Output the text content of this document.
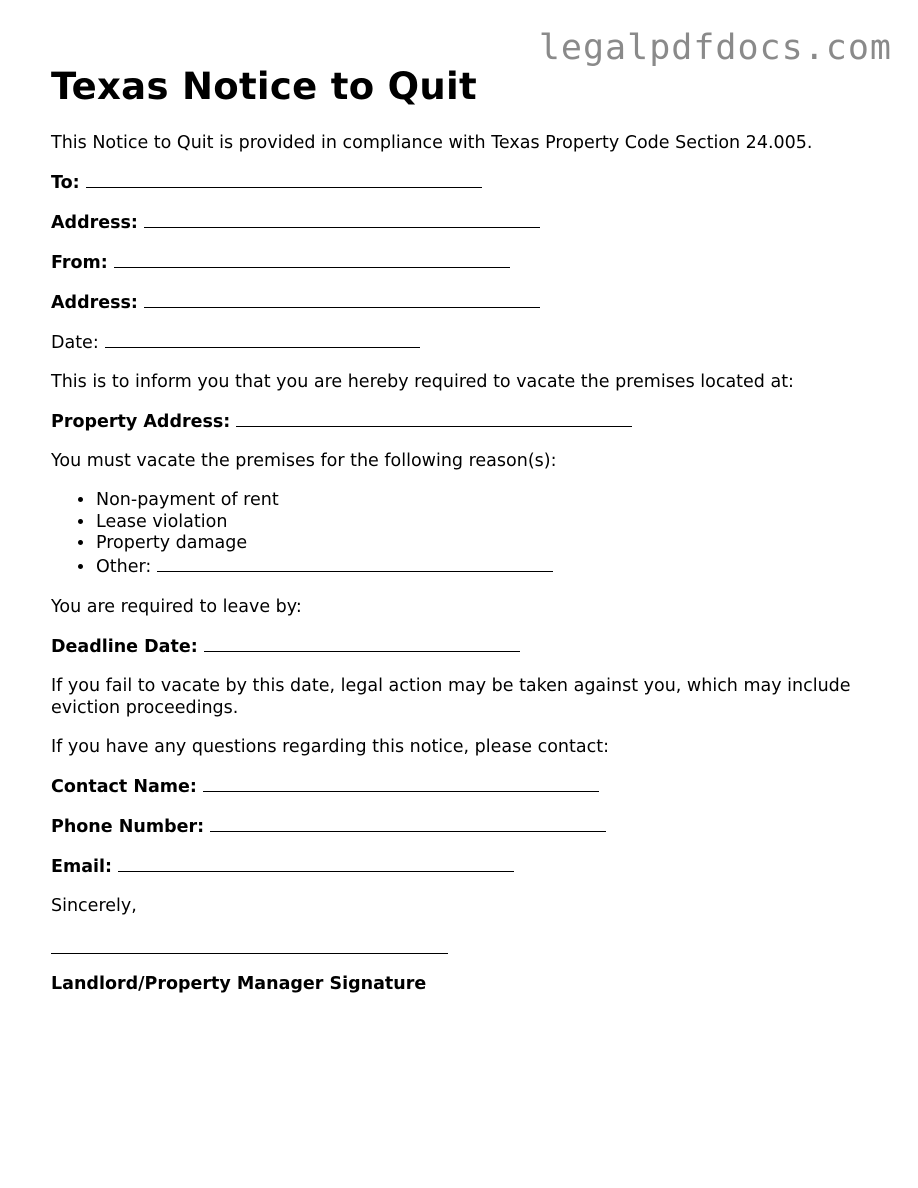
legalpdfdocs.com
Texas Notice to Quit

This Notice to Quit is provided in compliance with Texas Property Code Section 24.005.

To:

Address:

From:

Address:

Date:

This is to inform you that you are hereby required to vacate the premises located at:

Property Address:

You must vacate the premises for the following reason(s):

• Non-payment of rent
• Lease violation
• Property damage
• Other:

You are required to leave by:

Deadline Date:

If you fail to vacate by this date, legal action may be taken against you, which may include eviction proceedings.

If you have any questions regarding this notice, please contact:

Contact Name:

Phone Number:

Email:

Sincerely,

Landlord/Property Manager Signature
